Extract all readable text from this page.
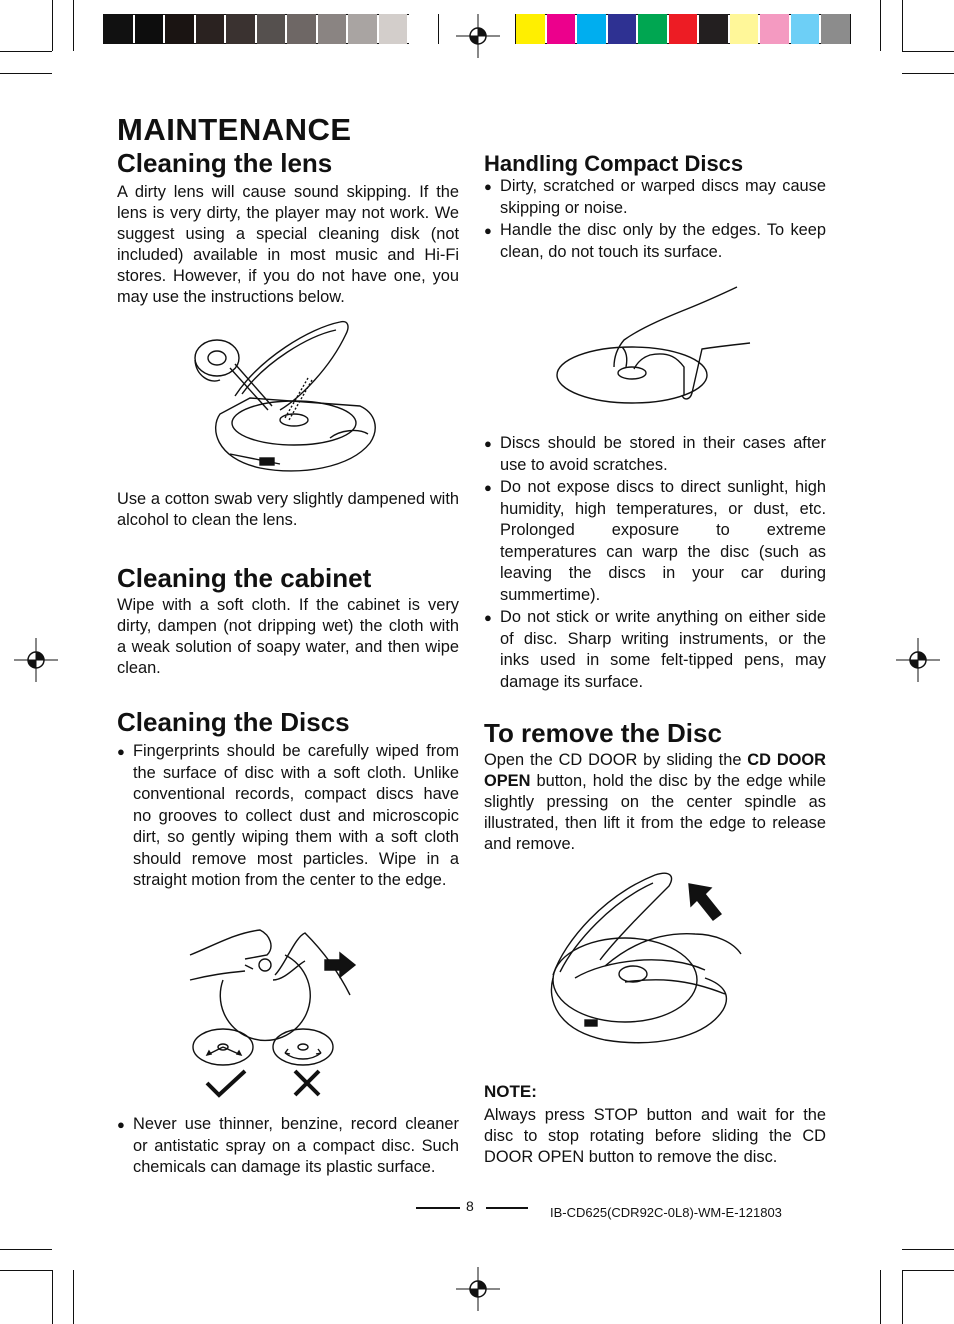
MAINTENANCE
Cleaning the lens

A dirty lens will cause sound skipping. If the lens is very dirty, the player may not work. We suggest using a special cleaning disk (not included) available in most music and Hi-Fi stores. However, if you do not have one, you may use the instructions below.

Use a cotton swab very slightly dampened with alcohol to clean the lens.

Cleaning the cabinet

Wipe with a soft cloth. If the cabinet is very dirty, dampen (not dripping wet) the cloth with a weak solution of soapy water, and then wipe clean.

Cleaning the Discs
● Fingerprints should be carefully wiped from the surface of disc with a soft cloth. Unlike conventional records, compact discs have no grooves to collect dust and microscopic dirt, so gently wiping them with a soft cloth should remove most particles. Wipe in a straight motion from the center to the edge.
● Never use thinner, benzine, record cleaner or antistatic spray on a compact disc. Such chemicals can damage its plastic surface.
Handling Compact Discs
● Dirty, scratched or warped discs may cause skipping or noise.
● Handle the disc only by the edges. To keep clean, do not touch its surface.
● Discs should be stored in their cases after use to avoid scratches.
● Do not expose discs to direct sunlight, high humidity, high temperatures, or dust, etc. Prolonged exposure to extreme temperatures can warp the disc (such as leaving the discs in your car during summertime).
● Do not stick or write anything on either side of disc. Sharp writing instruments, or the inks used in some felt-tipped pens, may damage its surface.
To remove the Disc

Open the CD DOOR by sliding the CD DOOR OPEN button, hold the disc by the edge while slightly pressing on the center spindle as illustrated, then lift it from the edge to release and remove.

NOTE:

Always press STOP button and wait for the disc to stop rotating before sliding the CD DOOR OPEN button to remove the disc.

8	IB-CD625(CDR92C-0L8)-WM-E-121803
